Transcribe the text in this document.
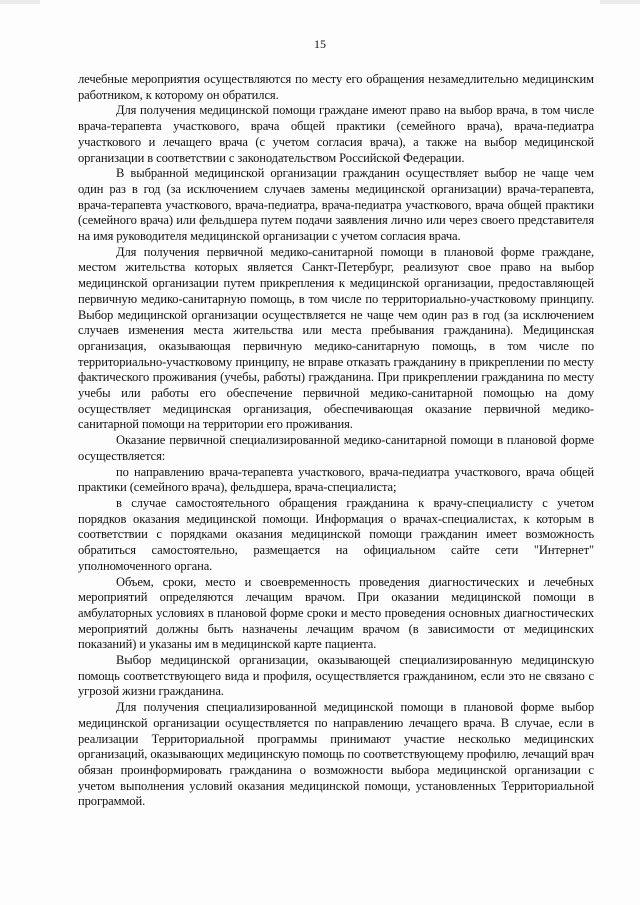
15

лечебные мероприятия осуществляются по месту его обращения незамедлительно медицинским работником, к которому он обратился.

Для получения медицинской помощи граждане имеют право на выбор врача, в том числе врача-терапевта участкового, врача общей практики (семейного врача), врача-педиатра участкового и лечащего врача (с учетом согласия врача), а также на выбор медицинской организации в соответствии с законодательством Российской Федерации.

В выбранной медицинской организации гражданин осуществляет выбор не чаще чем один раз в год (за исключением случаев замены медицинской организации) врача-терапевта, врача-терапевта участкового, врача-педиатра, врача-педиатра участкового, врача общей практики (семейного врача) или фельдшера путем подачи заявления лично или через своего представителя на имя руководителя медицинской организации с учетом согласия врача.

Для получения первичной медико-санитарной помощи в плановой форме граждане, местом жительства которых является Санкт-Петербург, реализуют свое право на выбор медицинской организации путем прикрепления к медицинской организации, предоставляющей первичную медико-санитарную помощь, в том числе по территориально-участковому принципу. Выбор медицинской организации осуществляется не чаще чем один раз в год (за исключением случаев изменения места жительства или места пребывания гражданина). Медицинская организация, оказывающая первичную медико-санитарную помощь, в том числе по территориально-участковому принципу, не вправе отказать гражданину в прикреплении по месту фактического проживания (учебы, работы) гражданина. При прикреплении гражданина по месту учебы или работы его обеспечение первичной медико-санитарной помощью на дому осуществляет медицинская организация, обеспечивающая оказание первичной медико-санитарной помощи на территории его проживания.

Оказание первичной специализированной медико-санитарной помощи в плановой форме осуществляется:

по направлению врача-терапевта участкового, врача-педиатра участкового, врача общей практики (семейного врача), фельдшера, врача-специалиста;

в случае самостоятельного обращения гражданина к врачу-специалисту с учетом порядков оказания медицинской помощи. Информация о врачах-специалистах, к которым в соответствии с порядками оказания медицинской помощи гражданин имеет возможность обратиться самостоятельно, размещается на официальном сайте сети "Интернет" уполномоченного органа.

Объем, сроки, место и своевременность проведения диагностических и лечебных мероприятий определяются лечащим врачом. При оказании медицинской помощи в амбулаторных условиях в плановой форме сроки и место проведения основных диагностических мероприятий должны быть назначены лечащим врачом (в зависимости от медицинских показаний) и указаны им в медицинской карте пациента.

Выбор медицинской организации, оказывающей специализированную медицинскую помощь соответствующего вида и профиля, осуществляется гражданином, если это не связано с угрозой жизни гражданина.

Для получения специализированной медицинской помощи в плановой форме выбор медицинской организации осуществляется по направлению лечащего врача. В случае, если в реализации Территориальной программы принимают участие несколько медицинских организаций, оказывающих медицинскую помощь по соответствующему профилю, лечащий врач обязан проинформировать гражданина о возможности выбора медицинской организации с учетом выполнения условий оказания медицинской помощи, установленных Территориальной программой.
